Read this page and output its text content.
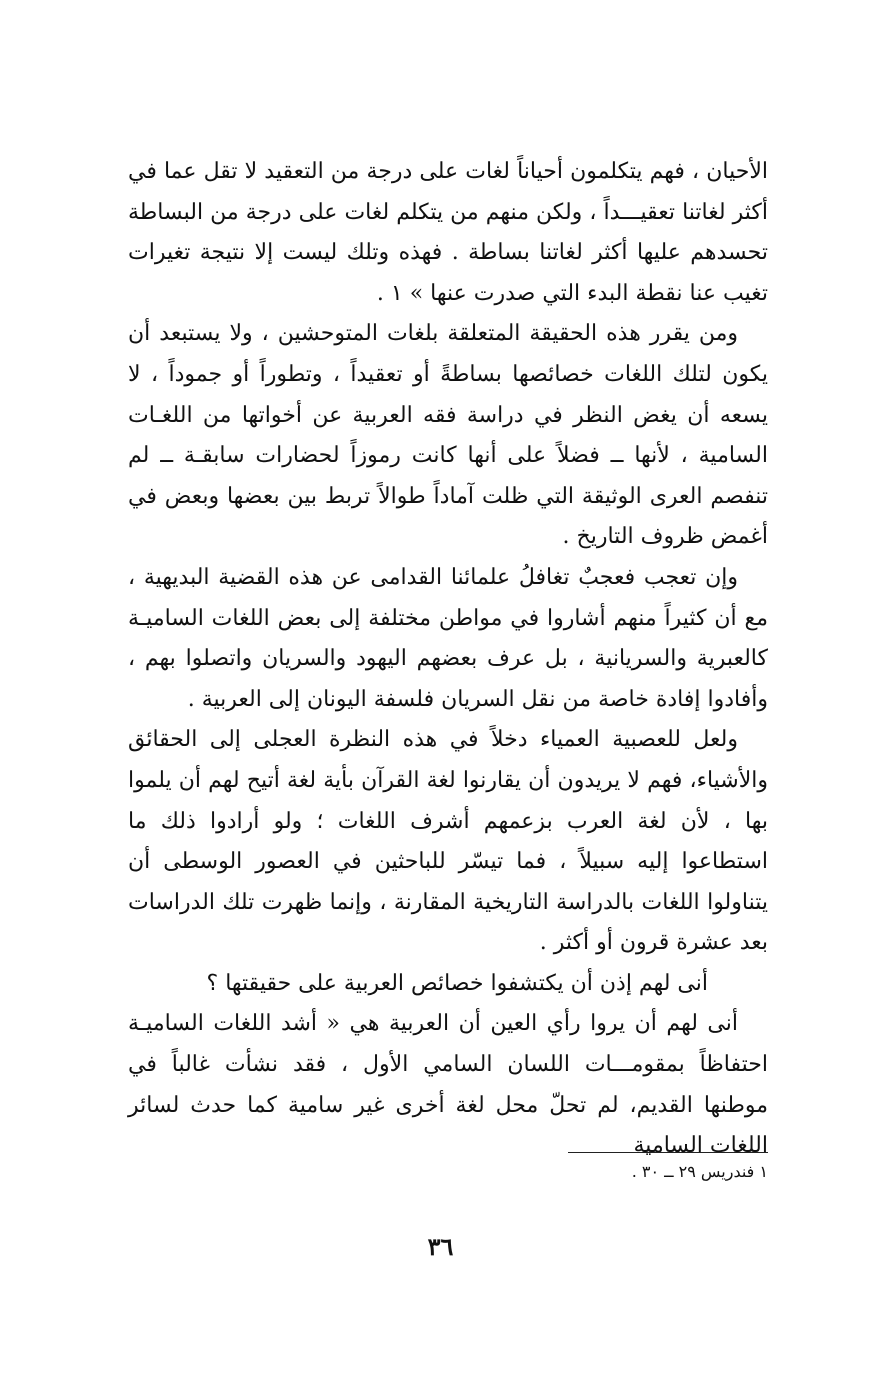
الأحيان ، فهم يتكلمون أحياناً لغات على درجة من التعقيد لا تقل عما في أكثر لغاتنا تعقيـــداً ، ولكن منهم من يتكلم لغات على درجة من البساطة تحسدهم عليها أكثر لغاتنا بساطة . فهذه وتلك ليست إلا نتيجة تغيرات تغيب عنا نقطة البدء التي صدرت عنها » ١ .

ومن يقرر هذه الحقيقة المتعلقة بلغات المتوحشين ، ولا يستبعد أن يكون لتلك اللغات خصائصها بساطةً أو تعقيداً ، وتطوراً أو جموداً ، لا يسعه أن يغض النظر في دراسة فقه العربية عن أخواتها من اللغـات السامية ، لأنها ــ فضلاً على أنها كانت رموزاً لحضارات سابقـة ــ لم تنفصم العرى الوثيقة التي ظلت آماداً طوالاً تربط بين بعضها وبعض في أغمض ظروف التاريخ .

وإن تعجب فعجبٌ تغافلُ علمائنا القدامى عن هذه القضية البديهية ، مع أن كثيراً منهم أشاروا في مواطن مختلفة إلى بعض اللغات الساميـة كالعبرية والسريانية ، بل عرف بعضهم اليهود والسريان واتصلوا بهم ، وأفادوا إفادة خاصة من نقل السريان فلسفة اليونان إلى العربية .

ولعل للعصبية العمياء دخلاً في هذه النظرة العجلى إلى الحقائق والأشياء، فهم لا يريدون أن يقارنوا لغة القرآن بأية لغة أتيح لهم أن يلموا بها ، لأن لغة العرب بزعمهم أشرف اللغات ؛ ولو أرادوا ذلك ما استطاعوا إليه سبيلاً ، فما تيسّر للباحثين في العصور الوسطى أن يتناولوا اللغات بالدراسة التاريخية المقارنة ، وإنما ظهرت تلك الدراسات بعد عشرة قرون أو أكثر .

أنى لهم إذن أن يكتشفوا خصائص العربية على حقيقتها ؟

أنى لهم أن يروا رأي العين أن العربية هي « أشد اللغات الساميـة احتفاظاً بمقومـــات اللسان السامي الأول ، فقد نشأت غالباً في موطنها القديم، لم تحلّ محل لغة أخرى غير سامية كما حدث لسائر اللغات السامية

١ فندريس ٢٩ ــ ٣٠ .
٣٦
